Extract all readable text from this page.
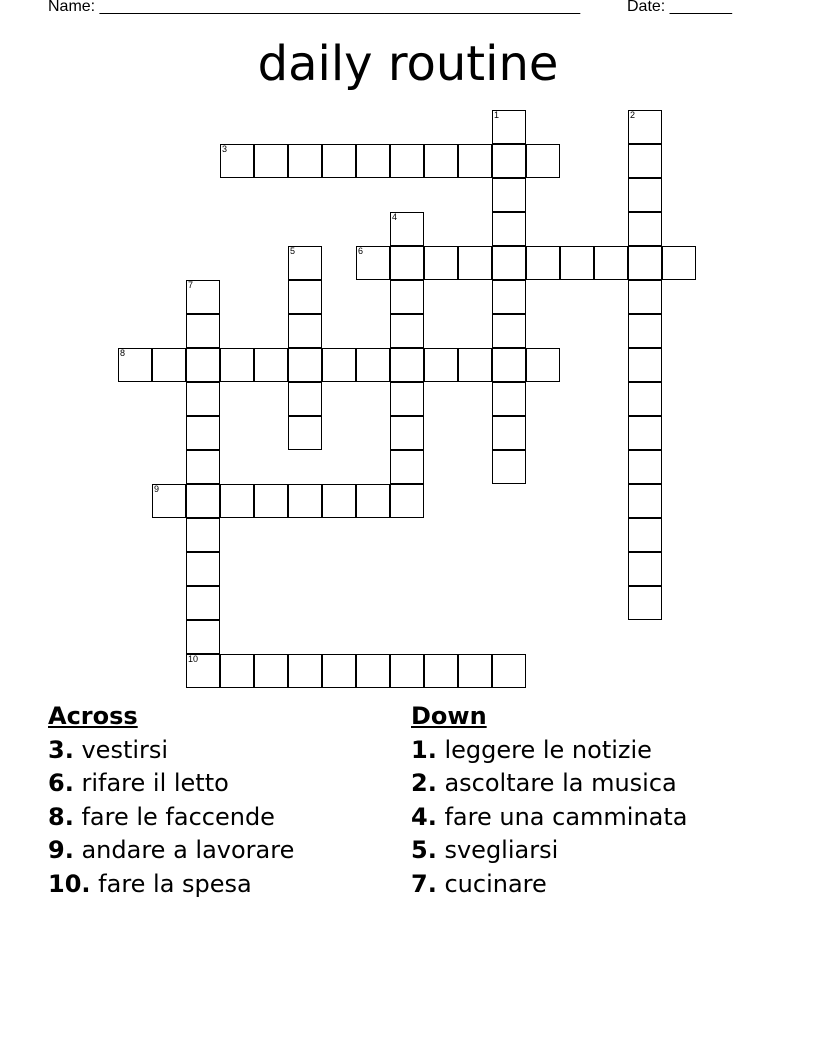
Name: ______________________________________________________	Date: _______
daily routine
1	2
3
4
5	6
7
8
9
10
Across
3. vestirsi
6. rifare il letto
8. fare le faccende
9. andare a lavorare
10. fare la spesa
Down
1. leggere le notizie
2. ascoltare la musica
4. fare una camminata
5. svegliarsi
7. cucinare
